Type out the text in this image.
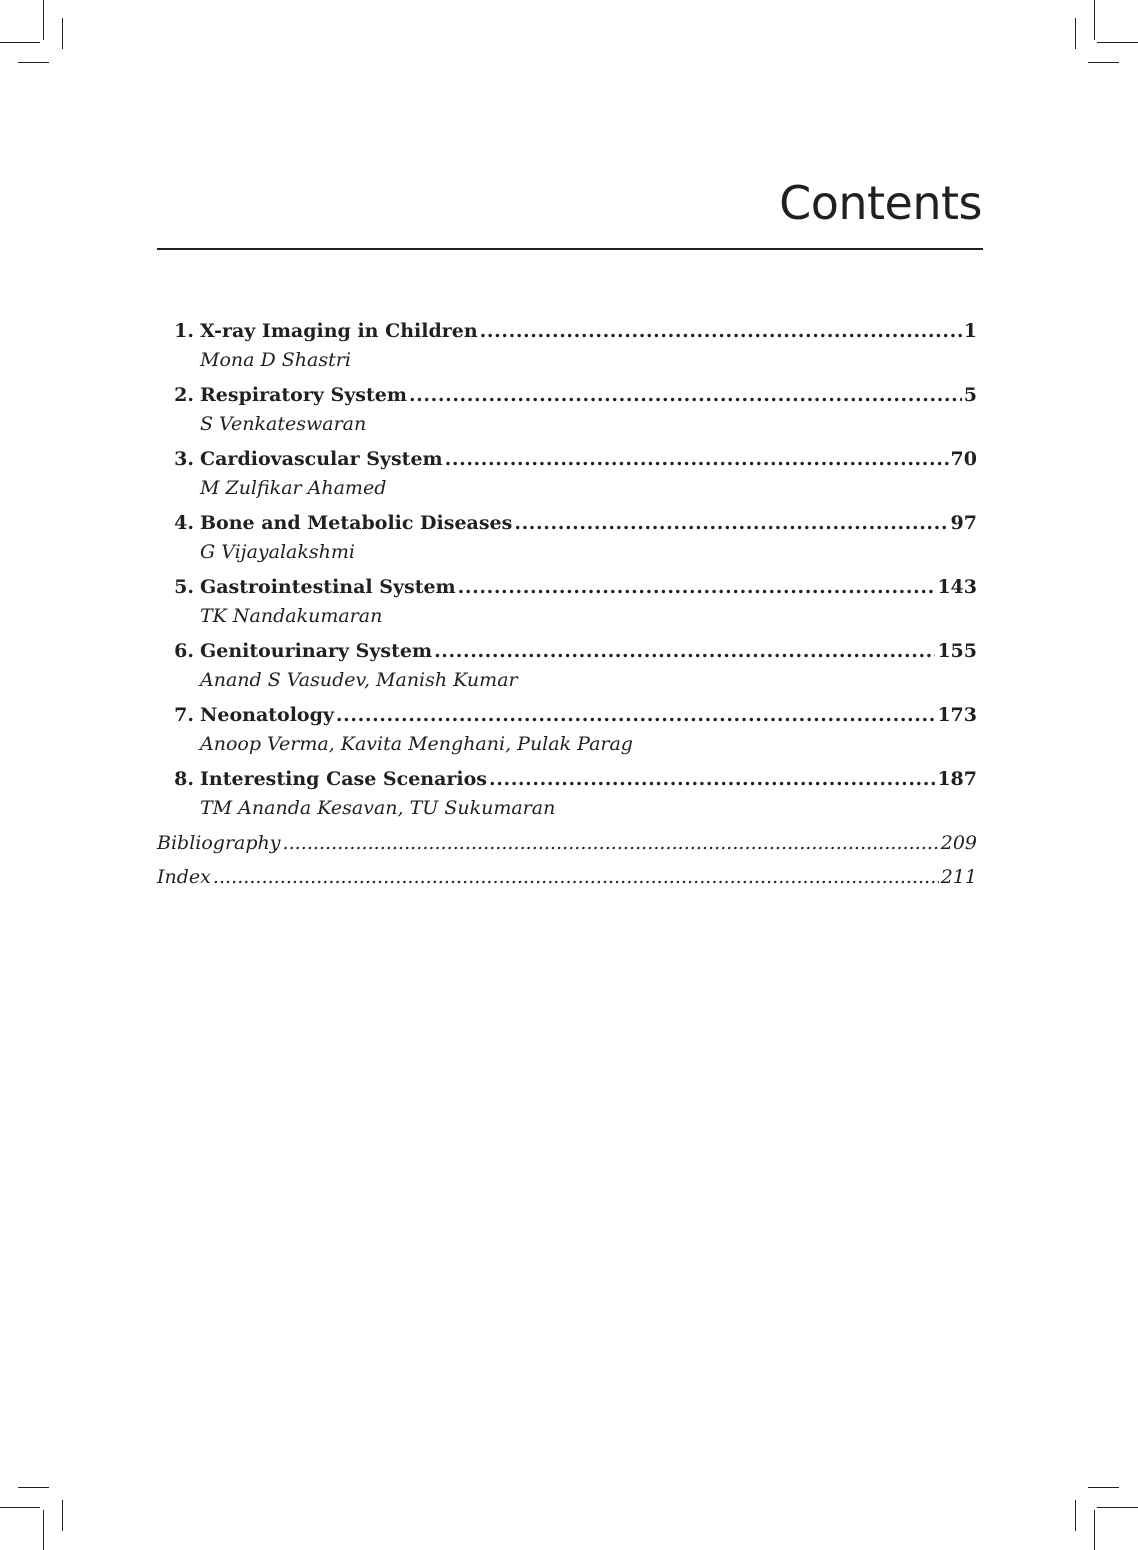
Contents
1.
X-ray Imaging in Children . . .	1
Mona D Shastri
2.
Respiratory System . . .	5
S Venkateswaran
3.
Cardiovascular System . . .	70
M Zulfikar Ahamed
4.
Bone and Metabolic Diseases . . .	97
G Vijayalakshmi
5.
Gastrointestinal System . . .	143
TK Nandakumaran
6.
Genitourinary System . . .	155
Anand S Vasudev, Manish Kumar
7.
Neonatology . . .	173
Anoop Verma, Kavita Menghani, Pulak Parag
8.
Interesting Case Scenarios . . .	187
TM Ananda Kesavan, TU Sukumaran
Bibliography . . .	209
Index . . .	211
